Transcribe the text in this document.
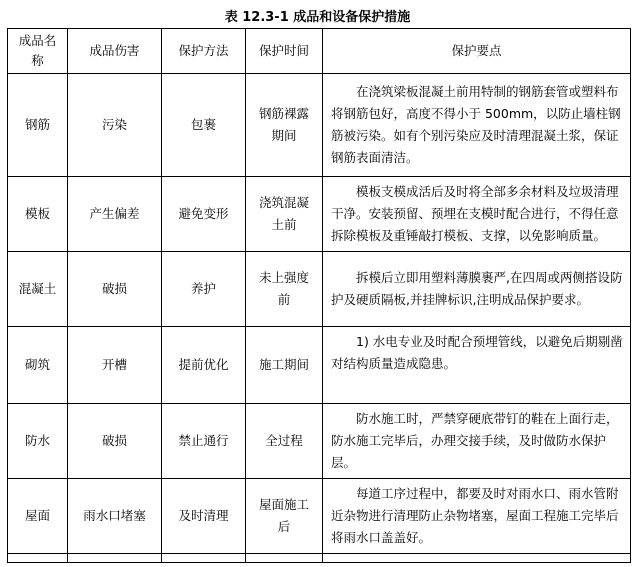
表 12.3-1 成品和设备保护措施
成品名称	成品伤害	保护方法	保护时间	保护要点
钢筋	污染	包裹	钢筋裸露期间	在浇筑梁板混凝土前用特制的钢筋套管或塑料布将钢筋包好，高度不得小于 500mm，以防止墙柱钢筋被污染。如有个别污染应及时清理混凝土浆，保证钢筋表面清洁。
模板	产生偏差	避免变形	浇筑混凝土前	模板支模成活后及时将全部多余材料及垃圾清理干净。安装预留、预埋在支模时配合进行，不得任意拆除模板及重锤敲打模板、支撑，以免影响质量。
混凝土	破损	养护	未上强度前	拆模后立即用塑料薄膜裹严,在四周或两侧搭设防护及硬质隔板,并挂牌标识,注明成品保护要求。
砌筑	开槽	提前优化	施工期间	1) 水电专业及时配合预埋管线，以避免后期剔凿对结构质量造成隐患。
防水	破损	禁止通行	全过程	防水施工时，严禁穿硬底带钉的鞋在上面行走，防水施工完毕后，办理交接手续，及时做防水保护层。
屋面	雨水口堵塞	及时清理	屋面施工后	每道工序过程中，都要及时对雨水口、雨水管附近杂物进行清理防止杂物堵塞，屋面工程施工完毕后将雨水口盖盖好。
